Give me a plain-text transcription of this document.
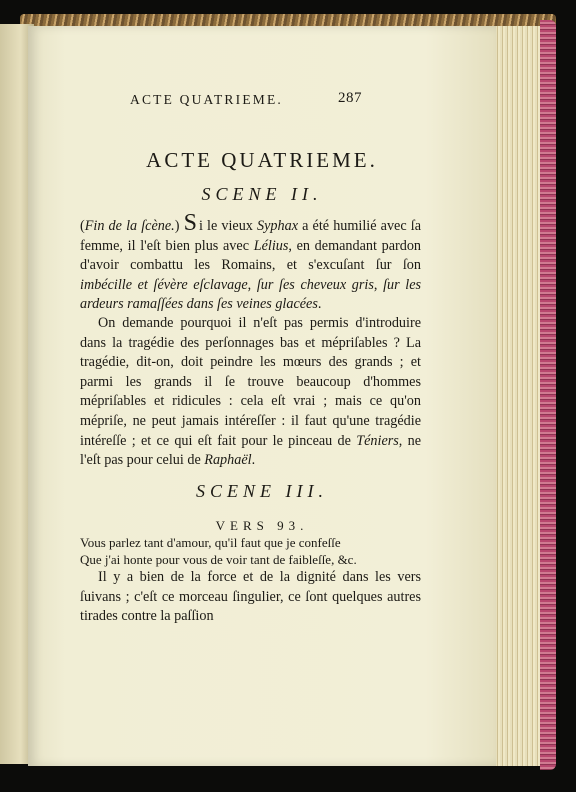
ACTE QUATRIEME.	287
ACTE QUATRIEME.
SCENE II.
(Fin de la ſcène.) Si le vieux Syphax a été humilié avec ſa femme, il l'eſt bien plus avec Lélius, en demandant pardon d'avoir combattu les Romains, et s'excuſant ſur ſon imbécille et ſévère eſclavage, ſur ſes cheveux gris, ſur les ardeurs ramaſſées dans ſes veines glacées.
On demande pourquoi il n'eſt pas permis d'introduire dans la tragédie des perſonnages bas et mépriſables ? La tragédie, dit-on, doit peindre les mœurs des grands ; et parmi les grands il ſe trouve beaucoup d'hommes mépriſables et ridicules : cela eſt vrai ; mais ce qu'on mépriſe, ne peut jamais intéreſſer : il faut qu'une tragédie intéreſſe ; et ce qui eſt fait pour le pinceau de Téniers, ne l'eſt pas pour celui de Raphaël.
SCENE III.
VERS 93.
Vous parlez tant d'amour, qu'il faut que je confeſſe
Que j'ai honte pour vous de voir tant de faibleſſe, &c.
Il y a bien de la force et de la dignité dans les vers ſuivans ; c'eſt ce morceau ſingulier, ce ſont quelques autres tirades contre la paſſion
